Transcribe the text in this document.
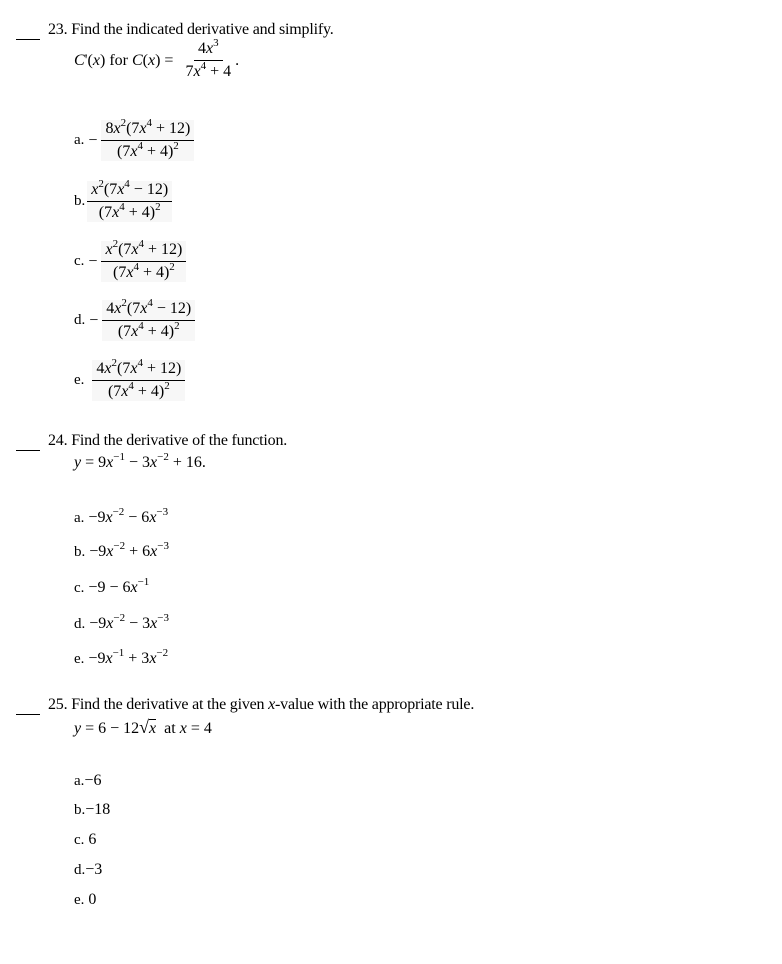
23. Find the indicated derivative and simplify.
C'(x) for $C(x) = \frac{4x^3}{7x^4 + 4}$ .
a. − $\frac{8x^2(7x^4 + 12)}{(7x^4 + 4)^2}$
b. $\frac{x^2(7x^4 - 12)}{(7x^4 + 4)^2}$
c. − $\frac{x^2(7x^4 + 12)}{(7x^4 + 4)^2}$
d. − $\frac{4x^2(7x^4 - 12)}{(7x^4 + 4)^2}$
e. $\frac{4x^2(7x^4 + 12)}{(7x^4 + 4)^2}$
24. Find the derivative of the function.
$y = 9x^{-1} - 3x^{-2} + 16$.
a. $-9x^{-2} - 6x^{-3}$
b. $-9x^{-2} + 6x^{-3}$
c. $-9 - 6x^{-1}$
d. $-9x^{-2} - 3x^{-3}$
e. $-9x^{-1} + 3x^{-2}$
25. Find the derivative at the given x-value with the appropriate rule.
y = 6 − 12√x  at x = 4
a.−6
b.−18
c. 6
d.−3
e. 0
